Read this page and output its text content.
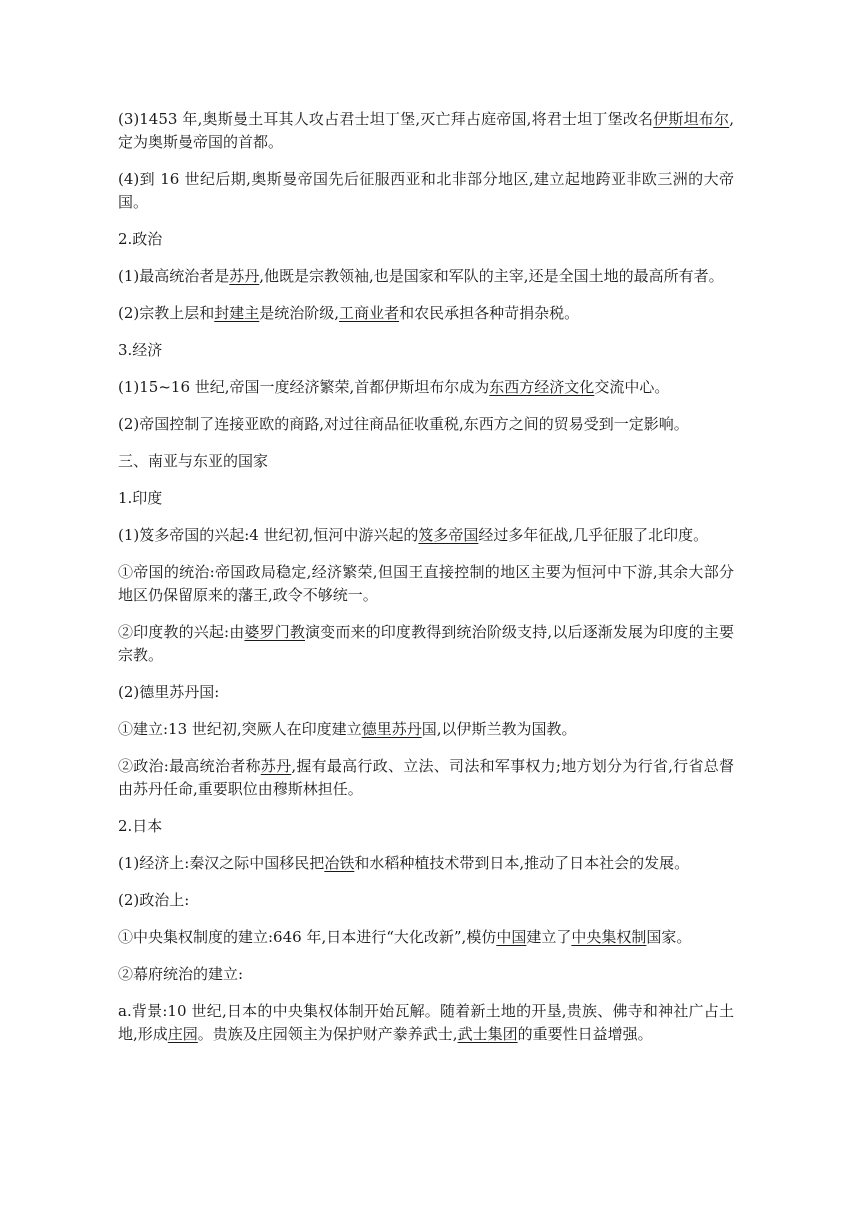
(3)1453 年,奥斯曼土耳其人攻占君士坦丁堡,灭亡拜占庭帝国,将君士坦丁堡改名伊斯坦布尔,定为奥斯曼帝国的首都。
(4)到 16 世纪后期,奥斯曼帝国先后征服西亚和北非部分地区,建立起地跨亚非欧三洲的大帝国。
2.政治
(1)最高统治者是苏丹,他既是宗教领袖,也是国家和军队的主宰,还是全国土地的最高所有者。
(2)宗教上层和封建主是统治阶级,工商业者和农民承担各种苛捐杂税。
3.经济
(1)15~16 世纪,帝国一度经济繁荣,首都伊斯坦布尔成为东西方经济文化交流中心。
(2)帝国控制了连接亚欧的商路,对过往商品征收重税,东西方之间的贸易受到一定影响。
三、南亚与东亚的国家
1.印度
(1)笈多帝国的兴起:4 世纪初,恒河中游兴起的笈多帝国经过多年征战,几乎征服了北印度。
①帝国的统治:帝国政局稳定,经济繁荣,但国王直接控制的地区主要为恒河中下游,其余大部分地区仍保留原来的藩王,政令不够统一。
②印度教的兴起:由婆罗门教演变而来的印度教得到统治阶级支持,以后逐渐发展为印度的主要宗教。
(2)德里苏丹国:
①建立:13 世纪初,突厥人在印度建立德里苏丹国,以伊斯兰教为国教。
②政治:最高统治者称苏丹,握有最高行政、立法、司法和军事权力;地方划分为行省,行省总督由苏丹任命,重要职位由穆斯林担任。
2.日本
(1)经济上:秦汉之际中国移民把冶铁和水稻种植技术带到日本,推动了日本社会的发展。
(2)政治上:
①中央集权制度的建立:646 年,日本进行“大化改新”,模仿中国建立了中央集权制国家。
②幕府统治的建立:
a.背景:10 世纪,日本的中央集权体制开始瓦解。随着新土地的开垦,贵族、佛寺和神社广占土地,形成庄园。贵族及庄园领主为保护财产豢养武士,武士集团的重要性日益增强。
